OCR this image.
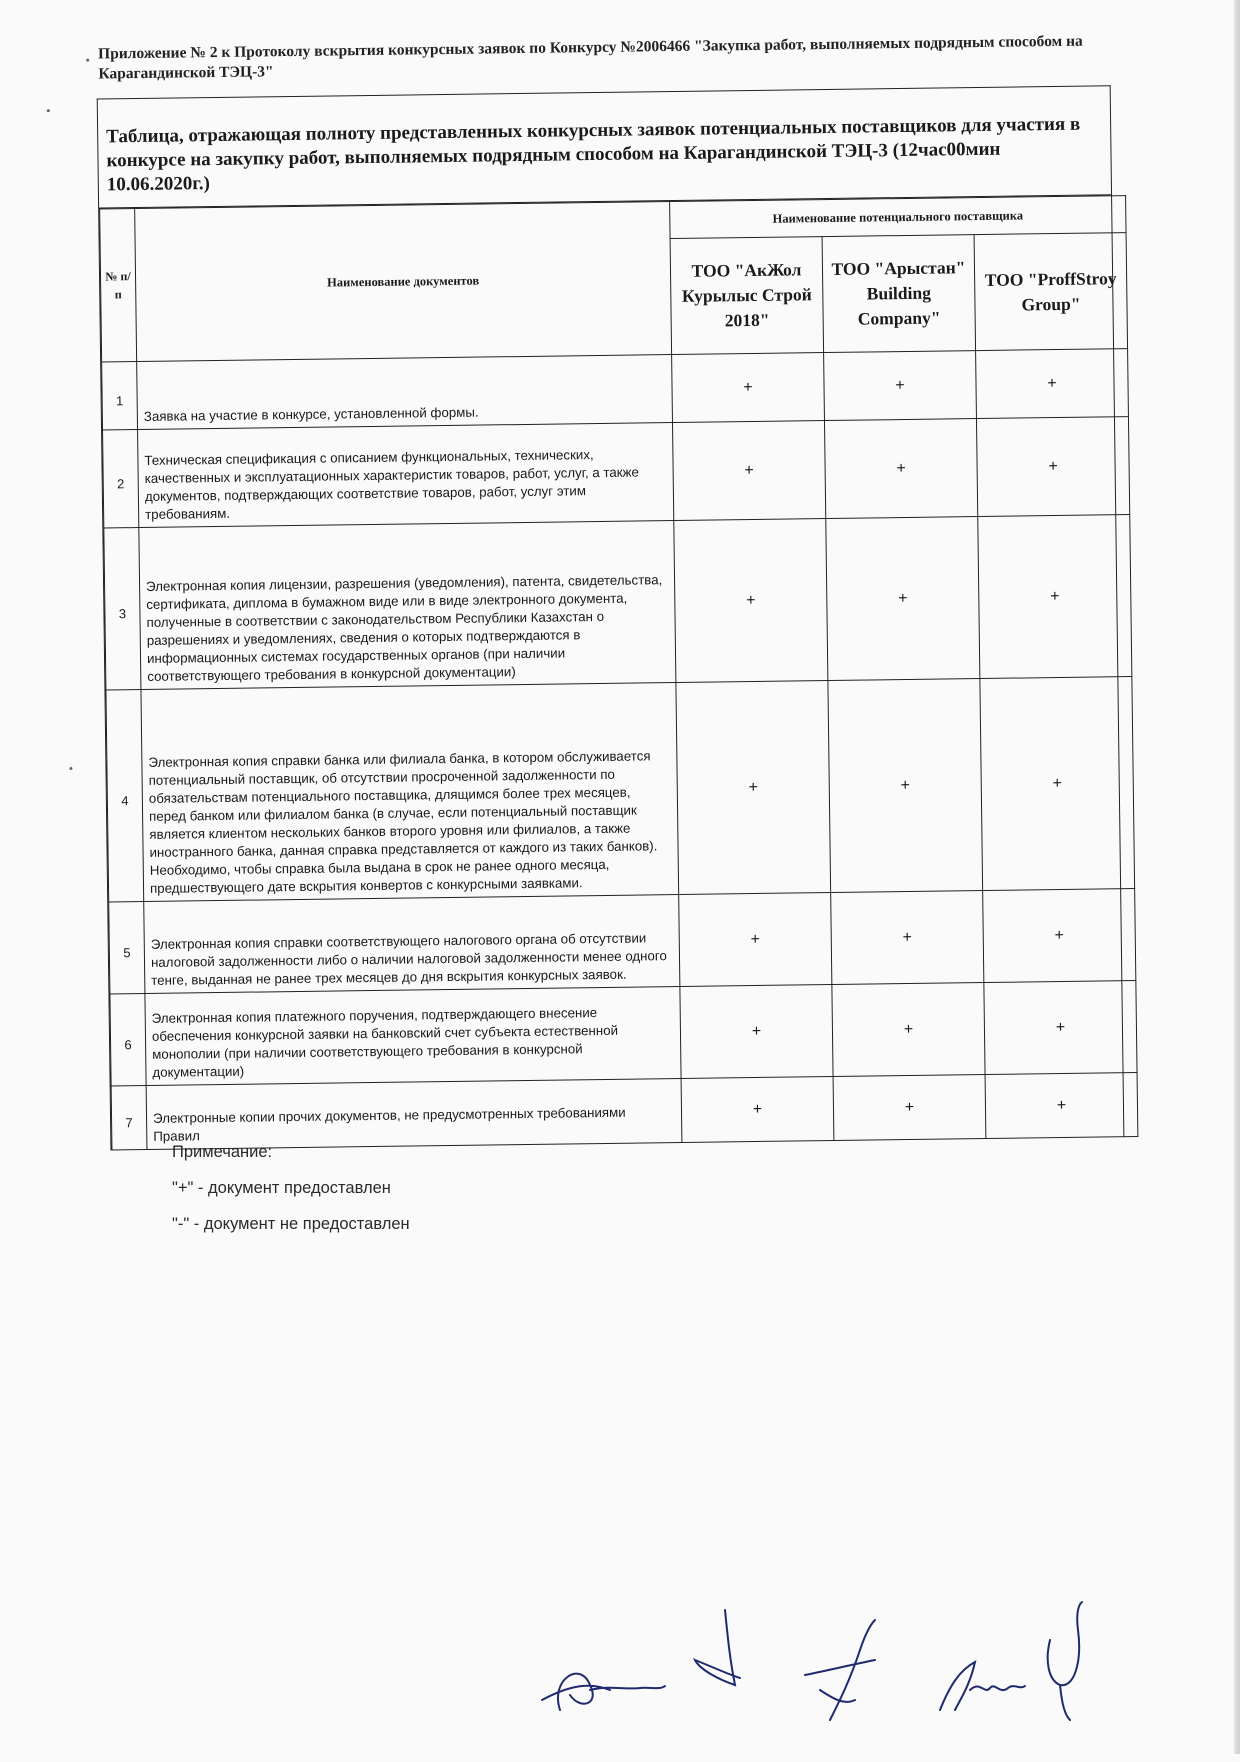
Приложение № 2 к Протоколу вскрытия конкурсных заявок по Конкурсу №2006466 "Закупка работ, выполняемых подрядным способом на Карагандинской ТЭЦ-3"
Таблица, отражающая полноту представленных конкурсных заявок потенциальных поставщиков для участия в конкурсе на закупку работ, выполняемых подрядным способом на Карагандинской ТЭЦ-3 (12час00мин 10.06.2020г.)
№ п/п	Наименование документов	Наименование потенциального поставщика		
		ТОО "АкЖол Курылыс Строй 2018"	ТОО "Арыстан" Building Company"	ТОО "ProffStroy Group"
1	Заявка на участие в конкурсе, установленной формы.	+	+	+
2	Техническая спецификация с описанием функциональных, технических, качественных и эксплуатационных характеристик товаров, работ, услуг, а также документов, подтверждающих соответствие товаров, работ, услуг этим требованиям.	+	+	+
3	Электронная копия лицензии, разрешения (уведомления), патента, свидетельства, сертификата, диплома в бумажном виде или в виде электронного документа, полученные в соответствии с законодательством Республики Казахстан о разрешениях и уведомлениях, сведения о которых подтверждаются в информационных системах государственных органов (при наличии соответствующего требования в конкурсной документации)	+	+	+
4	Электронная копия справки банка или филиала банка, в котором обслуживается потенциальный поставщик, об отсутствии просроченной задолженности по обязательствам потенциального поставщика, длящимся более трех месяцев, перед банком или филиалом банка (в случае, если потенциальный поставщик является клиентом нескольких банков второго уровня или филиалов, а также иностранного банка, данная справка представляется от каждого из таких банков). Необходимо, чтобы справка была выдана в срок не ранее одного месяца, предшествующего дате вскрытия конвертов с конкурсными заявками.	+	+	+
5	Электронная копия справки соответствующего налогового органа об отсутствии налоговой задолженности либо о наличии налоговой задолженности менее одного тенге, выданная не ранее трех месяцев до дня вскрытия конкурсных заявок.	+	+	+
6	Электронная копия платежного поручения, подтверждающего внесение обеспечения конкурсной заявки на банковский счет субъекта естественной монополии (при наличии соответствующего требования в конкурсной документации)	+	+	+
7	Электронные копии прочих документов, не предусмотренных требованиями Правил	+	+	+
Примечание:
"+" - документ предоставлен
"-" - документ не предоставлен
